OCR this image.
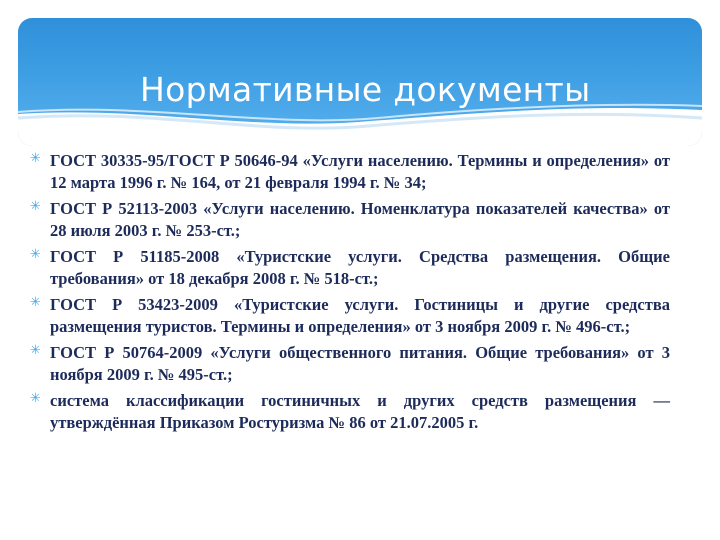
Нормативные документы
✳ ГОСТ 30335-95/ГОСТ Р 50646-94 «Услуги населению. Термины и определения» от 12 марта 1996 г. № 164, от 21 февраля 1994 г. № 34;
✳ ГОСТ Р 52113-2003 «Услуги населению. Номенклатура показателей качества» от 28 июля 2003 г. № 253-ст.;
✳ ГОСТ Р 51185-2008 «Туристские услуги. Средства размещения. Общие требования» от 18 декабря 2008 г. № 518-ст.;
✳ ГОСТ Р 53423-2009 «Туристские услуги. Гостиницы и другие средства размещения туристов. Термины и определения» от 3 ноября 2009 г. № 496-ст.;
✳ ГОСТ Р 50764-2009 «Услуги общественного питания. Общие требования» от 3 ноября 2009 г. № 495-ст.;
✳ система классификации гостиничных и других средств размещения — утверждённая Приказом Ростуризма № 86 от 21.07.2005 г.
